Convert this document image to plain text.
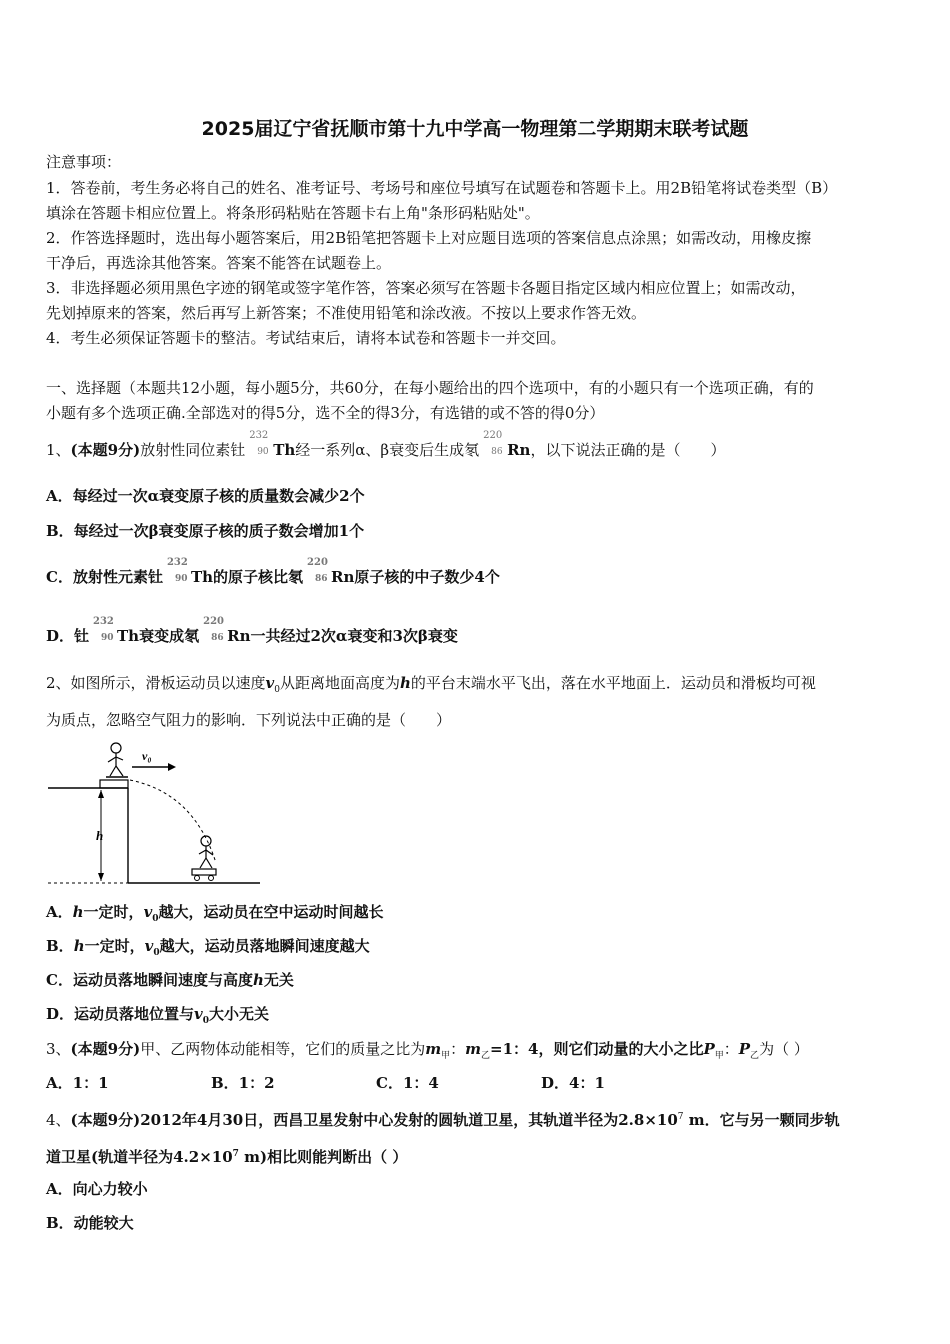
2025届辽宁省抚顺市第十九中学高一物理第二学期期末联考试题
注意事项：
1．答卷前，考生务必将自己的姓名、准考证号、考场号和座位号填写在试题卷和答题卡上。用2B铅笔将试卷类型（B）
填涂在答题卡相应位置上。将条形码粘贴在答题卡右上角"条形码粘贴处"。
2．作答选择题时，选出每小题答案后，用2B铅笔把答题卡上对应题目选项的答案信息点涂黑；如需改动，用橡皮擦
干净后，再选涂其他答案。答案不能答在试题卷上。
3．非选择题必须用黑色字迹的钢笔或签字笔作答，答案必须写在答题卡各题目指定区域内相应位置上；如需改动，
先划掉原来的答案，然后再写上新答案；不准使用铅笔和涂改液。不按以上要求作答无效。
4．考生必须保证答题卡的整洁。考试结束后，请将本试卷和答题卡一并交回。
一、选择题（本题共12小题，每小题5分，共60分，在每小题给出的四个选项中，有的小题只有一个选项正确，有的
小题有多个选项正确.全部选对的得5分，选不全的得3分，有选错的或不答的得0分）
1、(本题9分)放射性同位素钍
232
90 Th经一系列α、β衰变后生成氡
220
86 Rn，以下说法正确的是（　　）
A．每经过一次α衰变原子核的质量数会减少2个
B．每经过一次β衰变原子核的质子数会增加1个
C．放射性元素钍
232
90 Th的原子核比氡
220
86 Rn原子核的中子数少4个
D．钍
232
90 Th衰变成氡
220
86 Rn一共经过2次α衰变和3次β衰变
2、如图所示，滑板运动员以速度$v_0$从距离地面高度为h的平台末端水平飞出，落在水平地面上．运动员和滑板均可视
为质点，忽略空气阻力的影响．下列说法中正确的是（　　）
h
v₀
A．h一定时，$v_0$越大，运动员在空中运动时间越长
B．h一定时，$v_0$越大，运动员落地瞬间速度越大
C．运动员落地瞬间速度与高度h无关
D．运动员落地位置与$v_0$大小无关
3、(本题9分)甲、乙两物体动能相等，它们的质量之比为$m_甲$：$m_乙=1$：4，则它们动量的大小之比$P_甲$：$P_乙$为（ ）
A．1：1	B．1：2	C．1：4	D．4：1
4、(本题9分)2012年4月30日，西昌卫星发射中心发射的圆轨道卫星，其轨道半径为$2.8\times 10^7$ m．它与另一颗同步轨
道卫星(轨道半径为$4.2\times 10^7$ m)相比则能判断出（ ）
A．向心力较小
B．动能较大
